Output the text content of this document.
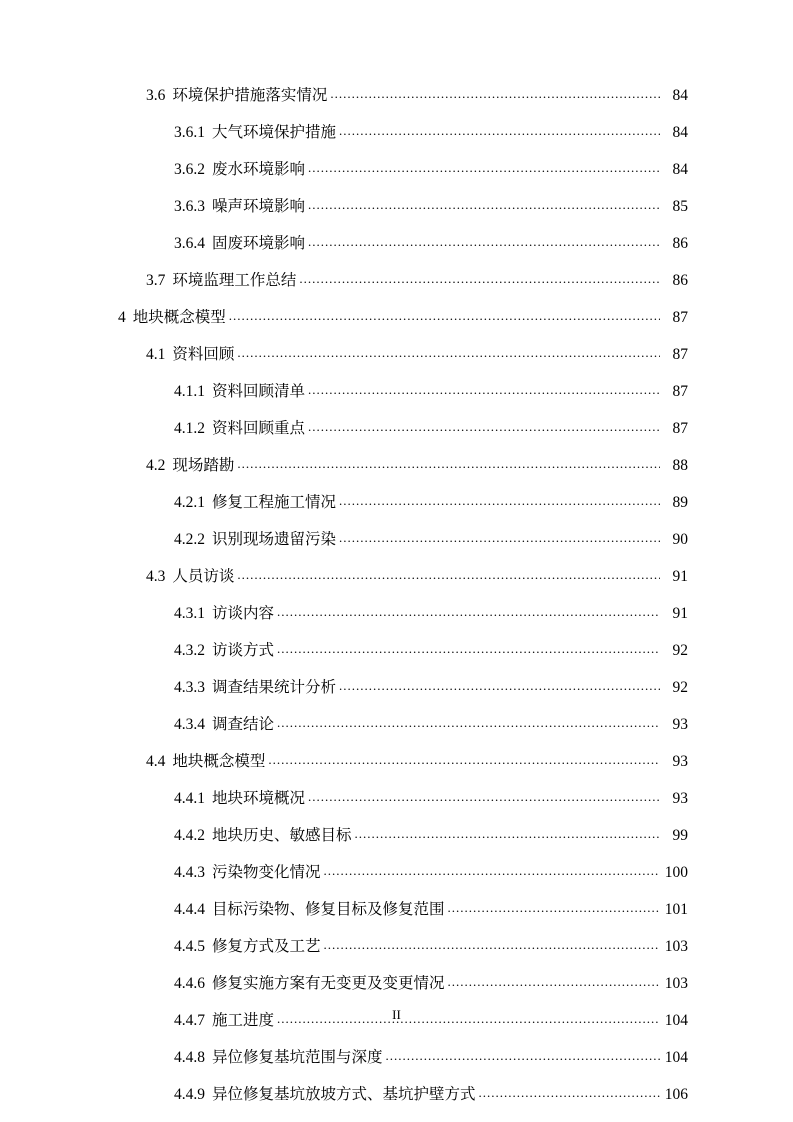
3.6 环境保护措施落实情况 .....	84
3.6.1 大气环境保护措施 .....	84
3.6.2 废水环境影响 .....	84
3.6.3 噪声环境影响 .....	85
3.6.4 固废环境影响 .....	86
3.7 环境监理工作总结 .....	86
4 地块概念模型 .....	87
4.1 资料回顾 .....	87
4.1.1 资料回顾清单 .....	87
4.1.2 资料回顾重点 .....	87
4.2 现场踏勘 .....	88
4.2.1 修复工程施工情况 .....	89
4.2.2 识别现场遗留污染 .....	90
4.3 人员访谈 .....	91
4.3.1 访谈内容 .....	91
4.3.2 访谈方式 .....	92
4.3.3 调查结果统计分析 .....	92
4.3.4 调查结论 .....	93
4.4 地块概念模型 .....	93
4.4.1 地块环境概况 .....	93
4.4.2 地块历史、敏感目标 .....	99
4.4.3 污染物变化情况 .....	100
4.4.4 目标污染物、修复目标及修复范围 .....	101
4.4.5 修复方式及工艺 .....	103
4.4.6 修复实施方案有无变更及变更情况 .....	103
4.4.7 施工进度 .....	104
4.4.8 异位修复基坑范围与深度 .....	104
4.4.9 异位修复基坑放坡方式、基坑护壁方式 .....	106
II
